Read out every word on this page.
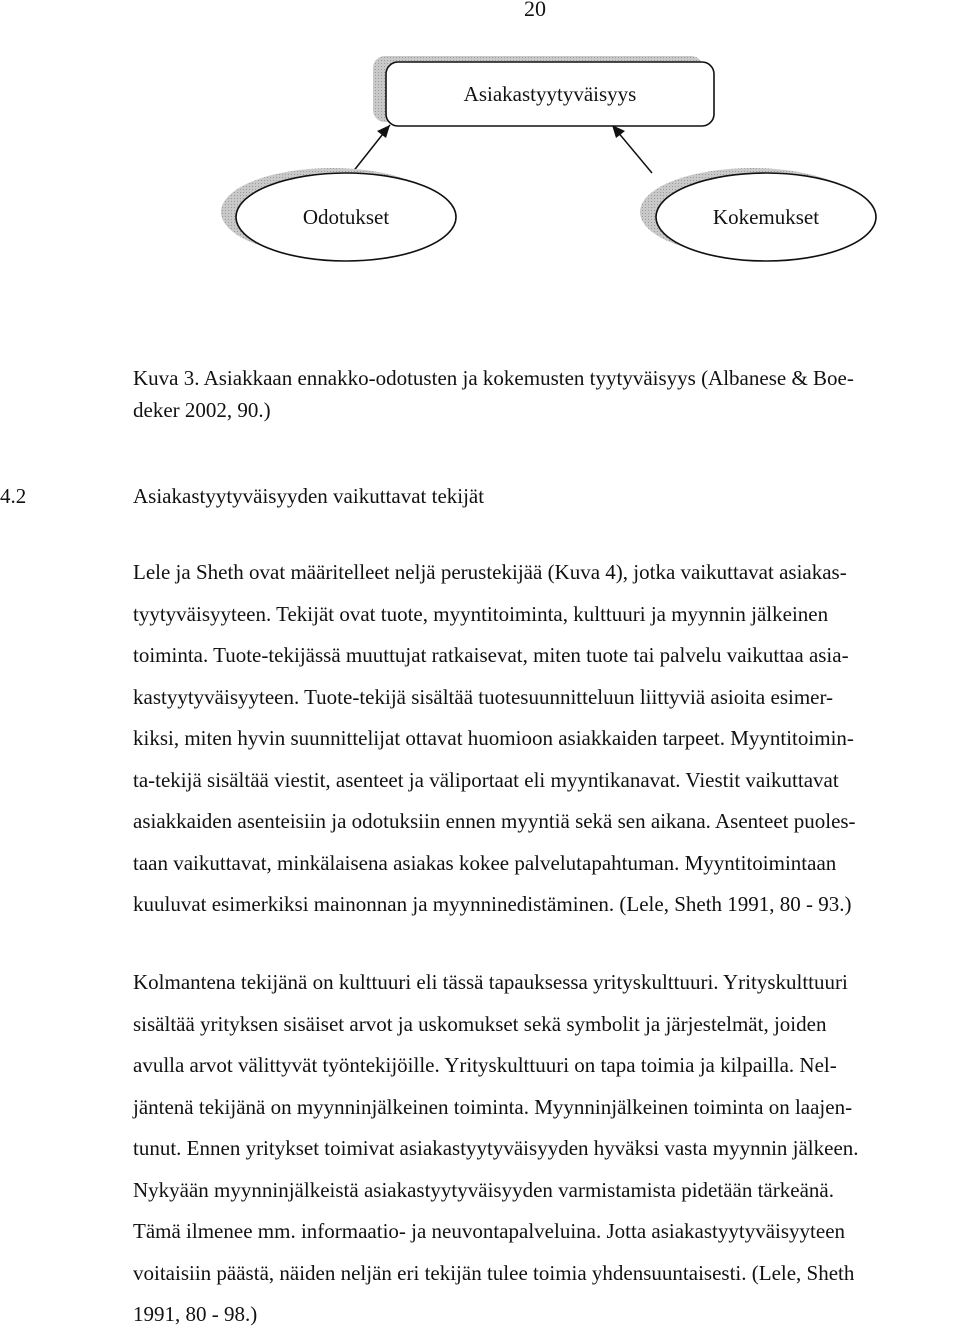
20
Asiakastyytyväisyys
Odotukset	Kokemukset
Kuva 3. Asiakkaan ennakko-odotusten ja kokemusten tyytyväisyys (Albanese & Boe-
deker 2002, 90.)
4.2	Asiakastyytyväisyyden vaikuttavat tekijät
Lele ja Sheth ovat määritelleet neljä perustekijää (Kuva 4), jotka vaikuttavat asiakas-
tyytyväisyyteen. Tekijät ovat tuote, myyntitoiminta, kulttuuri ja myynnin jälkeinen
toiminta. Tuote-tekijässä muuttujat ratkaisevat, miten tuote tai palvelu vaikuttaa asia-
kastyytyväisyyteen. Tuote-tekijä sisältää tuotesuunnitteluun liittyviä asioita esimer-
kiksi, miten hyvin suunnittelijat ottavat huomioon asiakkaiden tarpeet. Myyntitoimin-
ta-tekijä sisältää viestit, asenteet ja väliportaat eli myyntikanavat. Viestit vaikuttavat
asiakkaiden asenteisiin ja odotuksiin ennen myyntiä sekä sen aikana. Asenteet puoles-
taan vaikuttavat, minkälaisena asiakas kokee palvelutapahtuman. Myyntitoimintaan
kuuluvat esimerkiksi mainonnan ja myynninedistäminen. (Lele, Sheth 1991, 80 - 93.)
Kolmantena tekijänä on kulttuuri eli tässä tapauksessa yrityskulttuuri. Yrityskulttuuri
sisältää yrityksen sisäiset arvot ja uskomukset sekä symbolit ja järjestelmät, joiden
avulla arvot välittyvät työntekijöille. Yrityskulttuuri on tapa toimia ja kilpailla. Nel-
jäntenä tekijänä on myynninjälkeinen toiminta. Myynninjälkeinen toiminta on laajen-
tunut. Ennen yritykset toimivat asiakastyytyväisyyden hyväksi vasta myynnin jälkeen.
Nykyään myynninjälkeistä asiakastyytyväisyyden varmistamista pidetään tärkeänä.
Tämä ilmenee mm. informaatio- ja neuvontapalveluina. Jotta asiakastyytyväisyyteen
voitaisiin päästä, näiden neljän eri tekijän tulee toimia yhdensuuntaisesti. (Lele, Sheth
1991, 80 - 98.)
